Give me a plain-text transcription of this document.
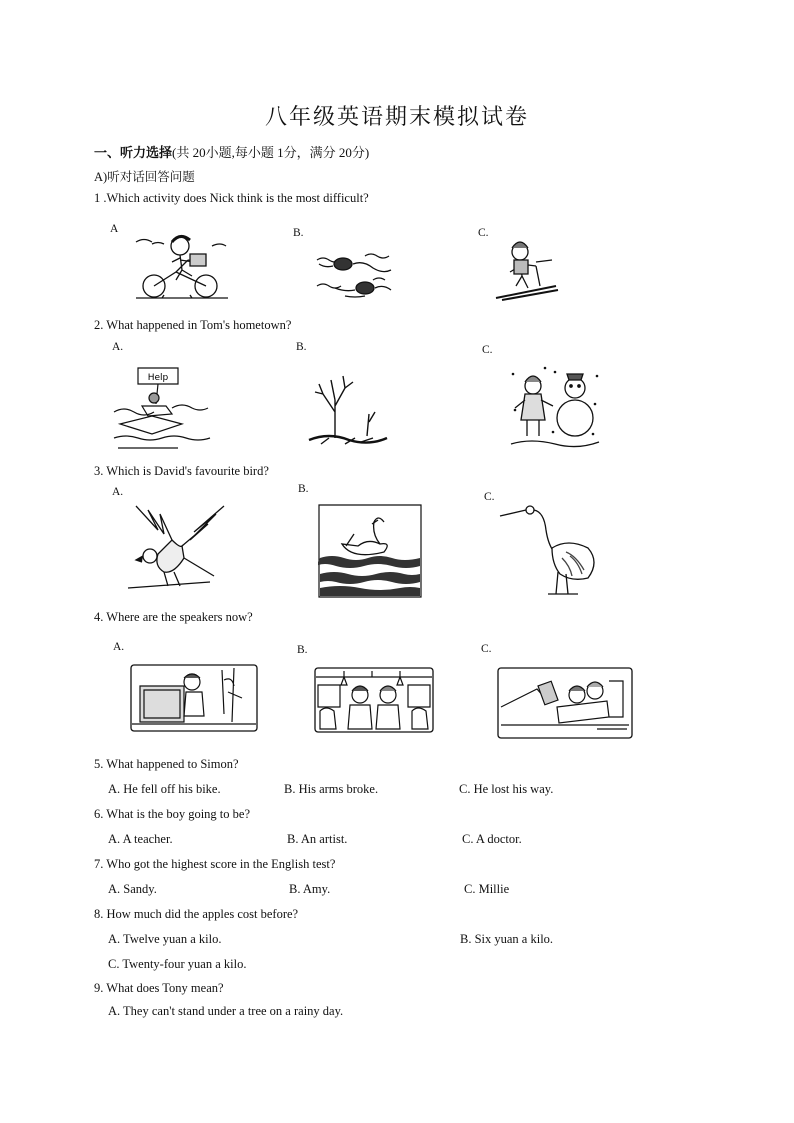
八年级英语期末模拟试卷
一、听力选择(共 20小题,每小题 1分，满分 20分)
A)听对话回答问题
1 .Which activity does Nick think is the most difficult?
A	B.	C.
2. What happened in Tom's hometown?
A.	B.	C.
Help
3. Which is David's favourite bird?
A.	B.
C.
4. Where are the speakers now?
A.	B.	C.
5. What happened to Simon?
A. He fell off his bike.	B. His arms broke.	C. He lost his way.
6. What is the boy going to be?
A. A teacher.	B. An artist.	C. A doctor.
7. Who got the highest score in the English test?
A. Sandy.	B. Amy.	C. Millie
8. How much did the apples cost before?
A. Twelve yuan a kilo.	B. Six yuan a kilo.
C. Twenty-four yuan a kilo.
9. What does Tony mean?
A. They can't stand under a tree on a rainy day.
